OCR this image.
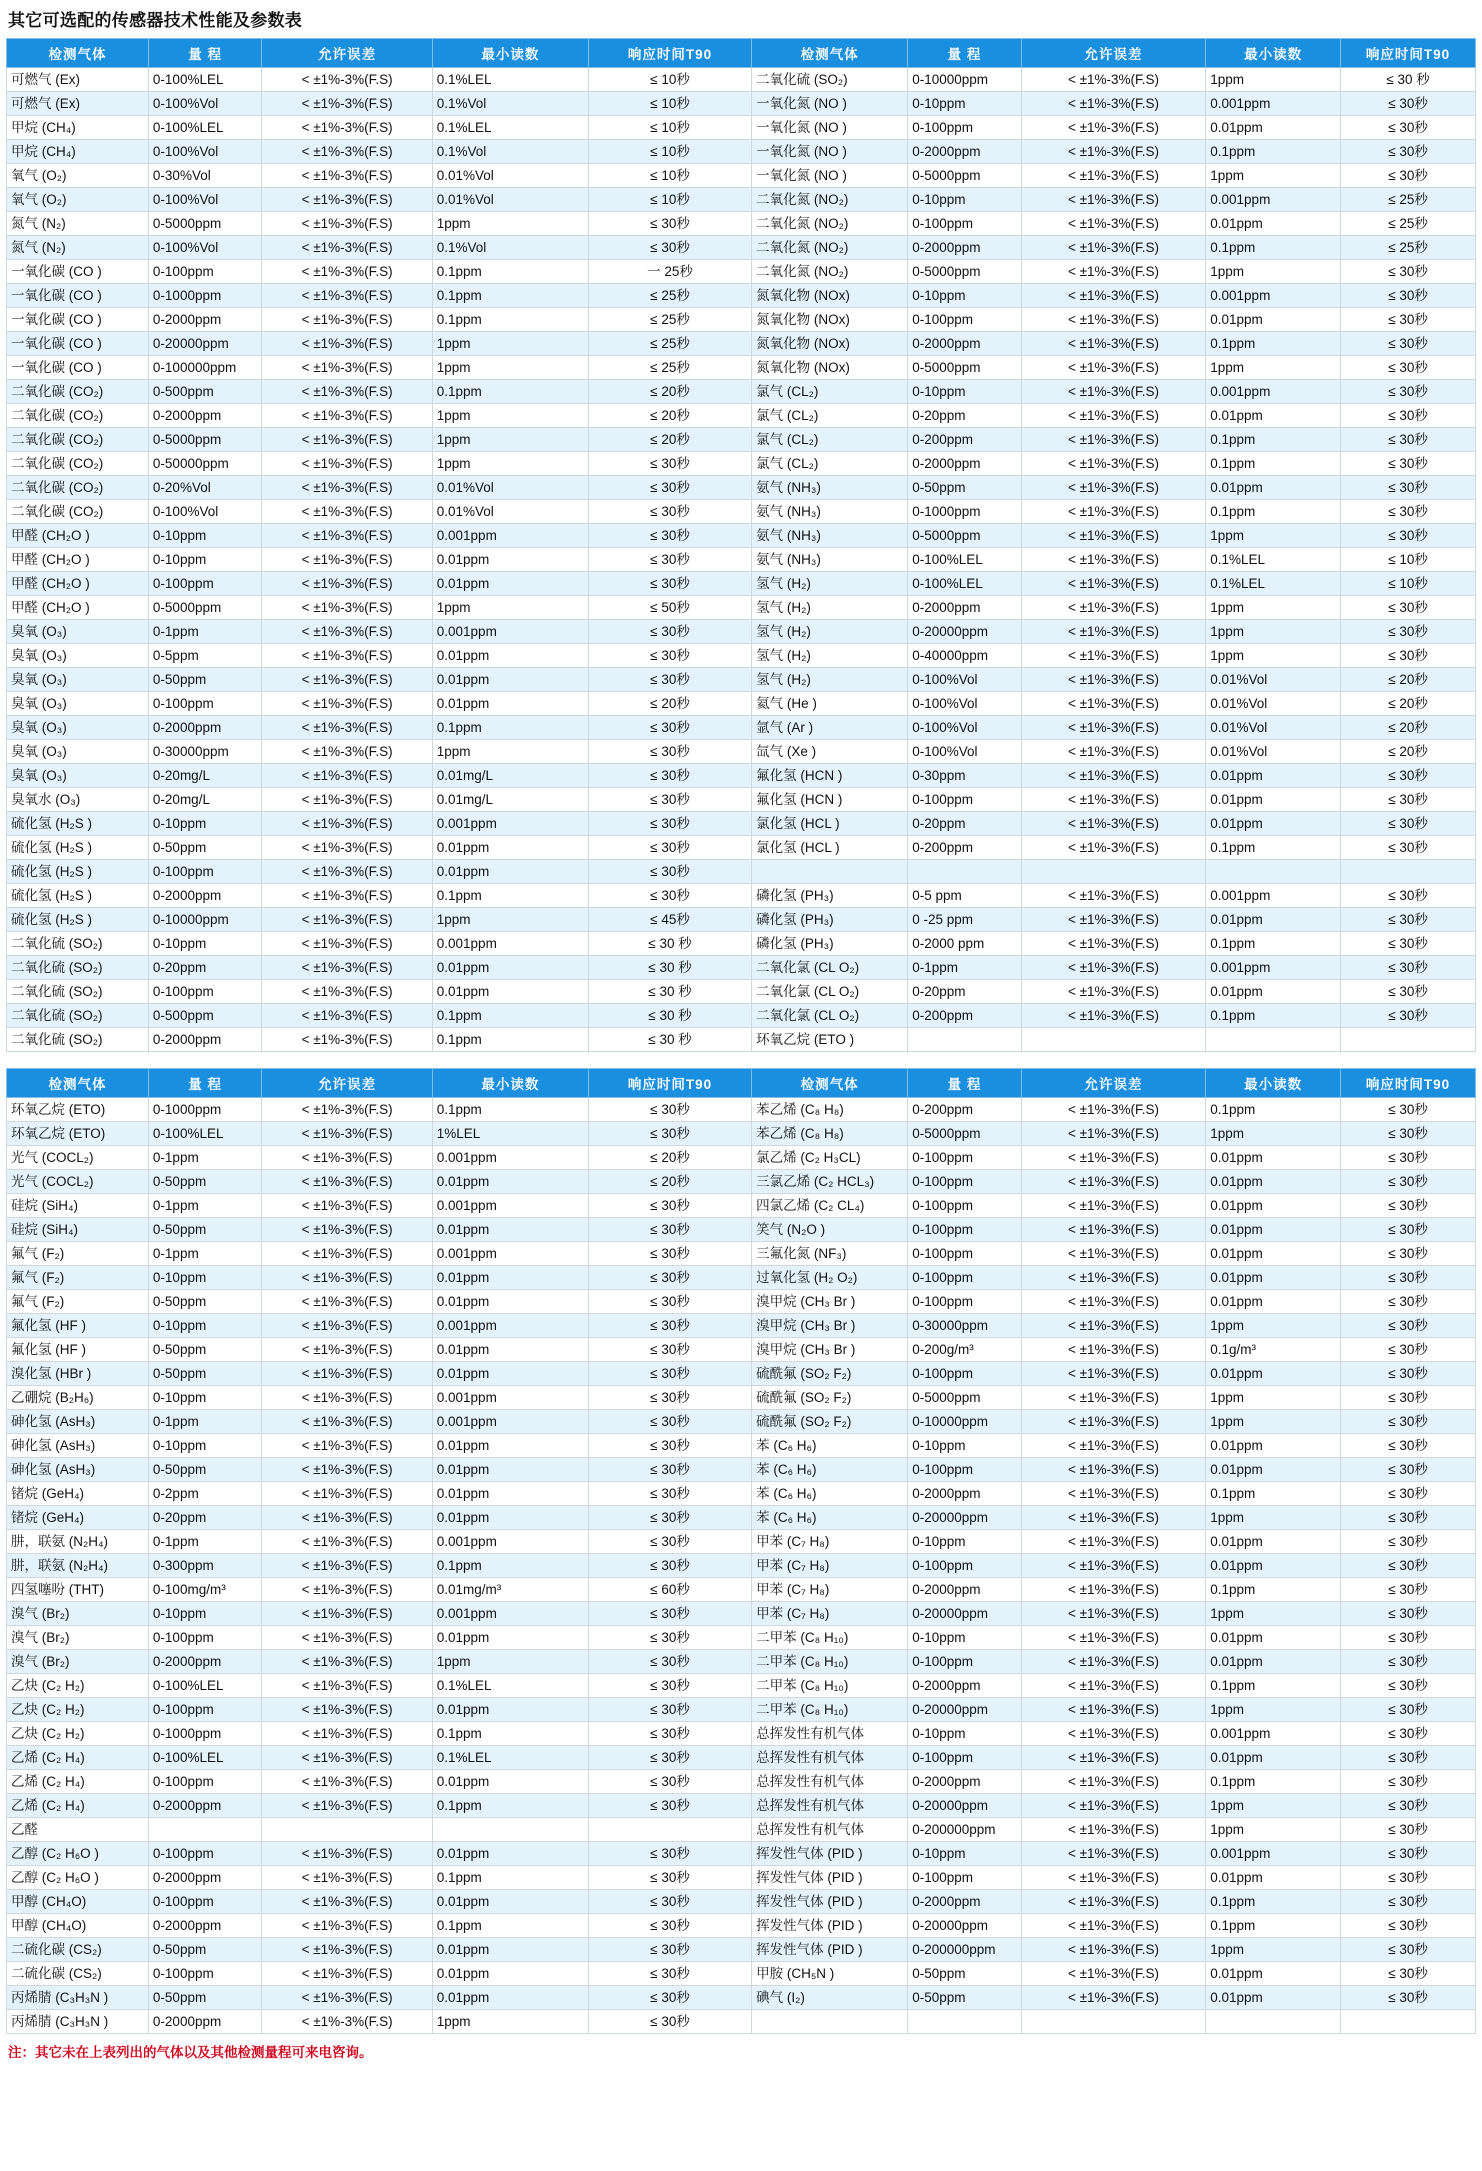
其它可选配的传感器技术性能及参数表
检测气体	量 程	允许误差	最小读数	响应时间T90	检测气体	量 程	允许误差	最小读数	响应时间T90
可燃气 (Ex)	0-100%LEL	< ±1%-3%(F.S)	0.1%LEL	≤ 10秒	二氧化硫 (SO₂)	0-10000ppm	< ±1%-3%(F.S)	1ppm	≤ 30 秒
可燃气 (Ex)	0-100%Vol	< ±1%-3%(F.S)	0.1%Vol	≤ 10秒	一氧化氮 (NO )	0-10ppm	< ±1%-3%(F.S)	0.001ppm	≤ 30秒
甲烷 (CH₄)	0-100%LEL	< ±1%-3%(F.S)	0.1%LEL	≤ 10秒	一氧化氮 (NO )	0-100ppm	< ±1%-3%(F.S)	0.01ppm	≤ 30秒
甲烷 (CH₄)	0-100%Vol	< ±1%-3%(F.S)	0.1%Vol	≤ 10秒	一氧化氮 (NO )	0-2000ppm	< ±1%-3%(F.S)	0.1ppm	≤ 30秒
氧气 (O₂)	0-30%Vol	< ±1%-3%(F.S)	0.01%Vol	≤ 10秒	一氧化氮 (NO )	0-5000ppm	< ±1%-3%(F.S)	1ppm	≤ 30秒
氧气 (O₂)	0-100%Vol	< ±1%-3%(F.S)	0.01%Vol	≤ 10秒	二氧化氮 (NO₂)	0-10ppm	< ±1%-3%(F.S)	0.001ppm	≤ 25秒
氮气 (N₂)	0-5000ppm	< ±1%-3%(F.S)	1ppm	≤ 30秒	二氧化氮 (NO₂)	0-100ppm	< ±1%-3%(F.S)	0.01ppm	≤ 25秒
氮气 (N₂)	0-100%Vol	< ±1%-3%(F.S)	0.1%Vol	≤ 30秒	二氧化氮 (NO₂)	0-2000ppm	< ±1%-3%(F.S)	0.1ppm	≤ 25秒
一氧化碳 (CO )	0-100ppm	< ±1%-3%(F.S)	0.1ppm	一 25秒	二氧化氮 (NO₂)	0-5000ppm	< ±1%-3%(F.S)	1ppm	≤ 30秒
一氧化碳 (CO )	0-1000ppm	< ±1%-3%(F.S)	0.1ppm	≤ 25秒	氮氧化物 (NOx)	0-10ppm	< ±1%-3%(F.S)	0.001ppm	≤ 30秒
一氧化碳 (CO )	0-2000ppm	< ±1%-3%(F.S)	0.1ppm	≤ 25秒	氮氧化物 (NOx)	0-100ppm	< ±1%-3%(F.S)	0.01ppm	≤ 30秒
一氧化碳 (CO )	0-20000ppm	< ±1%-3%(F.S)	1ppm	≤ 25秒	氮氧化物 (NOx)	0-2000ppm	< ±1%-3%(F.S)	0.1ppm	≤ 30秒
一氧化碳 (CO )	0-100000ppm	< ±1%-3%(F.S)	1ppm	≤ 25秒	氮氧化物 (NOx)	0-5000ppm	< ±1%-3%(F.S)	1ppm	≤ 30秒
二氧化碳 (CO₂)	0-500ppm	< ±1%-3%(F.S)	0.1ppm	≤ 20秒	氯气 (CL₂)	0-10ppm	< ±1%-3%(F.S)	0.001ppm	≤ 30秒
二氧化碳 (CO₂)	0-2000ppm	< ±1%-3%(F.S)	1ppm	≤ 20秒	氯气 (CL₂)	0-20ppm	< ±1%-3%(F.S)	0.01ppm	≤ 30秒
二氧化碳 (CO₂)	0-5000ppm	< ±1%-3%(F.S)	1ppm	≤ 20秒	氯气 (CL₂)	0-200ppm	< ±1%-3%(F.S)	0.1ppm	≤ 30秒
二氧化碳 (CO₂)	0-50000ppm	< ±1%-3%(F.S)	1ppm	≤ 30秒	氯气 (CL₂)	0-2000ppm	< ±1%-3%(F.S)	0.1ppm	≤ 30秒
二氧化碳 (CO₂)	0-20%Vol	< ±1%-3%(F.S)	0.01%Vol	≤ 30秒	氨气 (NH₃)	0-50ppm	< ±1%-3%(F.S)	0.01ppm	≤ 30秒
二氧化碳 (CO₂)	0-100%Vol	< ±1%-3%(F.S)	0.01%Vol	≤ 30秒	氨气 (NH₃)	0-1000ppm	< ±1%-3%(F.S)	0.1ppm	≤ 30秒
甲醛 (CH₂O )	0-10ppm	< ±1%-3%(F.S)	0.001ppm	≤ 30秒	氨气 (NH₃)	0-5000ppm	< ±1%-3%(F.S)	1ppm	≤ 30秒
甲醛 (CH₂O )	0-10ppm	< ±1%-3%(F.S)	0.01ppm	≤ 30秒	氨气 (NH₃)	0-100%LEL	< ±1%-3%(F.S)	0.1%LEL	≤ 10秒
甲醛 (CH₂O )	0-100ppm	< ±1%-3%(F.S)	0.01ppm	≤ 30秒	氢气 (H₂)	0-100%LEL	< ±1%-3%(F.S)	0.1%LEL	≤ 10秒
甲醛 (CH₂O )	0-5000ppm	< ±1%-3%(F.S)	1ppm	≤ 50秒	氢气 (H₂)	0-2000ppm	< ±1%-3%(F.S)	1ppm	≤ 30秒
臭氧 (O₃)	0-1ppm	< ±1%-3%(F.S)	0.001ppm	≤ 30秒	氢气 (H₂)	0-20000ppm	< ±1%-3%(F.S)	1ppm	≤ 30秒
臭氧 (O₃)	0-5ppm	< ±1%-3%(F.S)	0.01ppm	≤ 30秒	氢气 (H₂)	0-40000ppm	< ±1%-3%(F.S)	1ppm	≤ 30秒
臭氧 (O₃)	0-50ppm	< ±1%-3%(F.S)	0.01ppm	≤ 30秒	氢气 (H₂)	0-100%Vol	< ±1%-3%(F.S)	0.01%Vol	≤ 20秒
臭氧 (O₃)	0-100ppm	< ±1%-3%(F.S)	0.01ppm	≤ 20秒	氦气 (He )	0-100%Vol	< ±1%-3%(F.S)	0.01%Vol	≤ 20秒
臭氧 (O₃)	0-2000ppm	< ±1%-3%(F.S)	0.1ppm	≤ 30秒	氩气 (Ar )	0-100%Vol	< ±1%-3%(F.S)	0.01%Vol	≤ 20秒
臭氧 (O₃)	0-30000ppm	< ±1%-3%(F.S)	1ppm	≤ 30秒	氙气 (Xe )	0-100%Vol	< ±1%-3%(F.S)	0.01%Vol	≤ 20秒
臭氧 (O₃)	0-20mg/L	< ±1%-3%(F.S)	0.01mg/L	≤ 30秒	氟化氢 (HCN )	0-30ppm	< ±1%-3%(F.S)	0.01ppm	≤ 30秒
臭氧水 (O₃)	0-20mg/L	< ±1%-3%(F.S)	0.01mg/L	≤ 30秒	氟化氢 (HCN )	0-100ppm	< ±1%-3%(F.S)	0.01ppm	≤ 30秒
硫化氢 (H₂S )	0-10ppm	< ±1%-3%(F.S)	0.001ppm	≤ 30秒	氯化氢 (HCL )	0-20ppm	< ±1%-3%(F.S)	0.01ppm	≤ 30秒
硫化氢 (H₂S )	0-50ppm	< ±1%-3%(F.S)	0.01ppm	≤ 30秒	氯化氢 (HCL )	0-200ppm	< ±1%-3%(F.S)	0.1ppm	≤ 30秒
硫化氢 (H₂S )	0-100ppm	< ±1%-3%(F.S)	0.01ppm	≤ 30秒					
硫化氢 (H₂S )	0-2000ppm	< ±1%-3%(F.S)	0.1ppm	≤ 30秒	磷化氢 (PH₃)	0-5 ppm	< ±1%-3%(F.S)	0.001ppm	≤ 30秒
硫化氢 (H₂S )	0-10000ppm	< ±1%-3%(F.S)	1ppm	≤ 45秒	磷化氢 (PH₃)	0 -25 ppm	< ±1%-3%(F.S)	0.01ppm	≤ 30秒
二氧化硫 (SO₂)	0-10ppm	< ±1%-3%(F.S)	0.001ppm	≤ 30 秒	磷化氢 (PH₃)	0-2000 ppm	< ±1%-3%(F.S)	0.1ppm	≤ 30秒
二氧化硫 (SO₂)	0-20ppm	< ±1%-3%(F.S)	0.01ppm	≤ 30 秒	二氧化氯 (CL O₂)	0-1ppm	< ±1%-3%(F.S)	0.001ppm	≤ 30秒
二氧化硫 (SO₂)	0-100ppm	< ±1%-3%(F.S)	0.01ppm	≤ 30 秒	二氧化氯 (CL O₂)	0-20ppm	< ±1%-3%(F.S)	0.01ppm	≤ 30秒
二氧化硫 (SO₂)	0-500ppm	< ±1%-3%(F.S)	0.1ppm	≤ 30 秒	二氧化氯 (CL O₂)	0-200ppm	< ±1%-3%(F.S)	0.1ppm	≤ 30秒
二氧化硫 (SO₂)	0-2000ppm	< ±1%-3%(F.S)	0.1ppm	≤ 30 秒	环氧乙烷 (ETO )				
检测气体	量 程	允许误差	最小读数	响应时间T90	检测气体	量 程	允许误差	最小读数	响应时间T90
环氧乙烷 (ETO)	0-1000ppm	< ±1%-3%(F.S)	0.1ppm	≤ 30秒	苯乙烯 (C₈ H₈)	0-200ppm	< ±1%-3%(F.S)	0.1ppm	≤ 30秒
环氧乙烷 (ETO)	0-100%LEL	< ±1%-3%(F.S)	1%LEL	≤ 30秒	苯乙烯 (C₈ H₈)	0-5000ppm	< ±1%-3%(F.S)	1ppm	≤ 30秒
光气 (COCL₂)	0-1ppm	< ±1%-3%(F.S)	0.001ppm	≤ 20秒	氯乙烯 (C₂ H₃CL)	0-100ppm	< ±1%-3%(F.S)	0.01ppm	≤ 30秒
光气 (COCL₂)	0-50ppm	< ±1%-3%(F.S)	0.01ppm	≤ 20秒	三氯乙烯 (C₂ HCL₃)	0-100ppm	< ±1%-3%(F.S)	0.01ppm	≤ 30秒
硅烷 (SiH₄)	0-1ppm	< ±1%-3%(F.S)	0.001ppm	≤ 30秒	四氯乙烯 (C₂ CL₄)	0-100ppm	< ±1%-3%(F.S)	0.01ppm	≤ 30秒
硅烷 (SiH₄)	0-50ppm	< ±1%-3%(F.S)	0.01ppm	≤ 30秒	笑气 (N₂O )	0-100ppm	< ±1%-3%(F.S)	0.01ppm	≤ 30秒
氟气 (F₂)	0-1ppm	< ±1%-3%(F.S)	0.001ppm	≤ 30秒	三氟化氮 (NF₃)	0-100ppm	< ±1%-3%(F.S)	0.01ppm	≤ 30秒
氟气 (F₂)	0-10ppm	< ±1%-3%(F.S)	0.01ppm	≤ 30秒	过氧化氢 (H₂ O₂)	0-100ppm	< ±1%-3%(F.S)	0.01ppm	≤ 30秒
氟气 (F₂)	0-50ppm	< ±1%-3%(F.S)	0.01ppm	≤ 30秒	溴甲烷 (CH₃ Br )	0-100ppm	< ±1%-3%(F.S)	0.01ppm	≤ 30秒
氟化氢 (HF )	0-10ppm	< ±1%-3%(F.S)	0.001ppm	≤ 30秒	溴甲烷 (CH₃ Br )	0-30000ppm	< ±1%-3%(F.S)	1ppm	≤ 30秒
氟化氢 (HF )	0-50ppm	< ±1%-3%(F.S)	0.01ppm	≤ 30秒	溴甲烷 (CH₃ Br )	0-200g/m³	< ±1%-3%(F.S)	0.1g/m³	≤ 30秒
溴化氢 (HBr )	0-50ppm	< ±1%-3%(F.S)	0.01ppm	≤ 30秒	硫酰氟 (SO₂ F₂)	0-100ppm	< ±1%-3%(F.S)	0.01ppm	≤ 30秒
乙硼烷 (B₂H₆)	0-10ppm	< ±1%-3%(F.S)	0.001ppm	≤ 30秒	硫酰氟 (SO₂ F₂)	0-5000ppm	< ±1%-3%(F.S)	1ppm	≤ 30秒
砷化氢 (AsH₃)	0-1ppm	< ±1%-3%(F.S)	0.001ppm	≤ 30秒	硫酰氟 (SO₂ F₂)	0-10000ppm	< ±1%-3%(F.S)	1ppm	≤ 30秒
砷化氢 (AsH₃)	0-10ppm	< ±1%-3%(F.S)	0.01ppm	≤ 30秒	苯 (C₆ H₆)	0-10ppm	< ±1%-3%(F.S)	0.01ppm	≤ 30秒
砷化氢 (AsH₃)	0-50ppm	< ±1%-3%(F.S)	0.01ppm	≤ 30秒	苯 (C₆ H₆)	0-100ppm	< ±1%-3%(F.S)	0.01ppm	≤ 30秒
锗烷 (GeH₄)	0-2ppm	< ±1%-3%(F.S)	0.01ppm	≤ 30秒	苯 (C₆ H₆)	0-2000ppm	< ±1%-3%(F.S)	0.1ppm	≤ 30秒
锗烷 (GeH₄)	0-20ppm	< ±1%-3%(F.S)	0.01ppm	≤ 30秒	苯 (C₆ H₆)	0-20000ppm	< ±1%-3%(F.S)	1ppm	≤ 30秒
肼，联氨 (N₂H₄)	0-1ppm	< ±1%-3%(F.S)	0.001ppm	≤ 30秒	甲苯 (C₇ H₈)	0-10ppm	< ±1%-3%(F.S)	0.01ppm	≤ 30秒
肼，联氨 (N₂H₄)	0-300ppm	< ±1%-3%(F.S)	0.1ppm	≤ 30秒	甲苯 (C₇ H₈)	0-100ppm	< ±1%-3%(F.S)	0.01ppm	≤ 30秒
四氢噻吩 (THT)	0-100mg/m³	< ±1%-3%(F.S)	0.01mg/m³	≤ 60秒	甲苯 (C₇ H₈)	0-2000ppm	< ±1%-3%(F.S)	0.1ppm	≤ 30秒
溴气 (Br₂)	0-10ppm	< ±1%-3%(F.S)	0.001ppm	≤ 30秒	甲苯 (C₇ H₈)	0-20000ppm	< ±1%-3%(F.S)	1ppm	≤ 30秒
溴气 (Br₂)	0-100ppm	< ±1%-3%(F.S)	0.01ppm	≤ 30秒	二甲苯 (C₈ H₁₀)	0-10ppm	< ±1%-3%(F.S)	0.01ppm	≤ 30秒
溴气 (Br₂)	0-2000ppm	< ±1%-3%(F.S)	1ppm	≤ 30秒	二甲苯 (C₈ H₁₀)	0-100ppm	< ±1%-3%(F.S)	0.01ppm	≤ 30秒
乙炔 (C₂ H₂)	0-100%LEL	< ±1%-3%(F.S)	0.1%LEL	≤ 30秒	二甲苯 (C₈ H₁₀)	0-2000ppm	< ±1%-3%(F.S)	0.1ppm	≤ 30秒
乙炔 (C₂ H₂)	0-100ppm	< ±1%-3%(F.S)	0.01ppm	≤ 30秒	二甲苯 (C₈ H₁₀)	0-20000ppm	< ±1%-3%(F.S)	1ppm	≤ 30秒
乙炔 (C₂ H₂)	0-1000ppm	< ±1%-3%(F.S)	0.1ppm	≤ 30秒	总挥发性有机气体	0-10ppm	< ±1%-3%(F.S)	0.001ppm	≤ 30秒
乙烯 (C₂ H₄)	0-100%LEL	< ±1%-3%(F.S)	0.1%LEL	≤ 30秒	总挥发性有机气体	0-100ppm	< ±1%-3%(F.S)	0.01ppm	≤ 30秒
乙烯 (C₂ H₄)	0-100ppm	< ±1%-3%(F.S)	0.01ppm	≤ 30秒	总挥发性有机气体	0-2000ppm	< ±1%-3%(F.S)	0.1ppm	≤ 30秒
乙烯 (C₂ H₄)	0-2000ppm	< ±1%-3%(F.S)	0.1ppm	≤ 30秒	总挥发性有机气体	0-20000ppm	< ±1%-3%(F.S)	1ppm	≤ 30秒
乙醛					总挥发性有机气体	0-200000ppm	< ±1%-3%(F.S)	1ppm	≤ 30秒
乙醇 (C₂ H₆O )	0-100ppm	< ±1%-3%(F.S)	0.01ppm	≤ 30秒	挥发性气体 (PID )	0-10ppm	< ±1%-3%(F.S)	0.001ppm	≤ 30秒
乙醇 (C₂ H₆O )	0-2000ppm	< ±1%-3%(F.S)	0.1ppm	≤ 30秒	挥发性气体 (PID )	0-100ppm	< ±1%-3%(F.S)	0.01ppm	≤ 30秒
甲醇 (CH₄O)	0-100ppm	< ±1%-3%(F.S)	0.01ppm	≤ 30秒	挥发性气体 (PID )	0-2000ppm	< ±1%-3%(F.S)	0.1ppm	≤ 30秒
甲醇 (CH₄O)	0-2000ppm	< ±1%-3%(F.S)	0.1ppm	≤ 30秒	挥发性气体 (PID )	0-20000ppm	< ±1%-3%(F.S)	0.1ppm	≤ 30秒
二硫化碳 (CS₂)	0-50ppm	< ±1%-3%(F.S)	0.01ppm	≤ 30秒	挥发性气体 (PID )	0-200000ppm	< ±1%-3%(F.S)	1ppm	≤ 30秒
二硫化碳 (CS₂)	0-100ppm	< ±1%-3%(F.S)	0.01ppm	≤ 30秒	甲胺 (CH₅N )	0-50ppm	< ±1%-3%(F.S)	0.01ppm	≤ 30秒
丙烯腈 (C₃H₃N )	0-50ppm	< ±1%-3%(F.S)	0.01ppm	≤ 30秒	碘气 (I₂)	0-50ppm	< ±1%-3%(F.S)	0.01ppm	≤ 30秒
丙烯腈 (C₃H₃N )	0-2000ppm	< ±1%-3%(F.S)	1ppm	≤ 30秒					
注：其它未在上表列出的气体以及其他检测量程可来电咨询。
